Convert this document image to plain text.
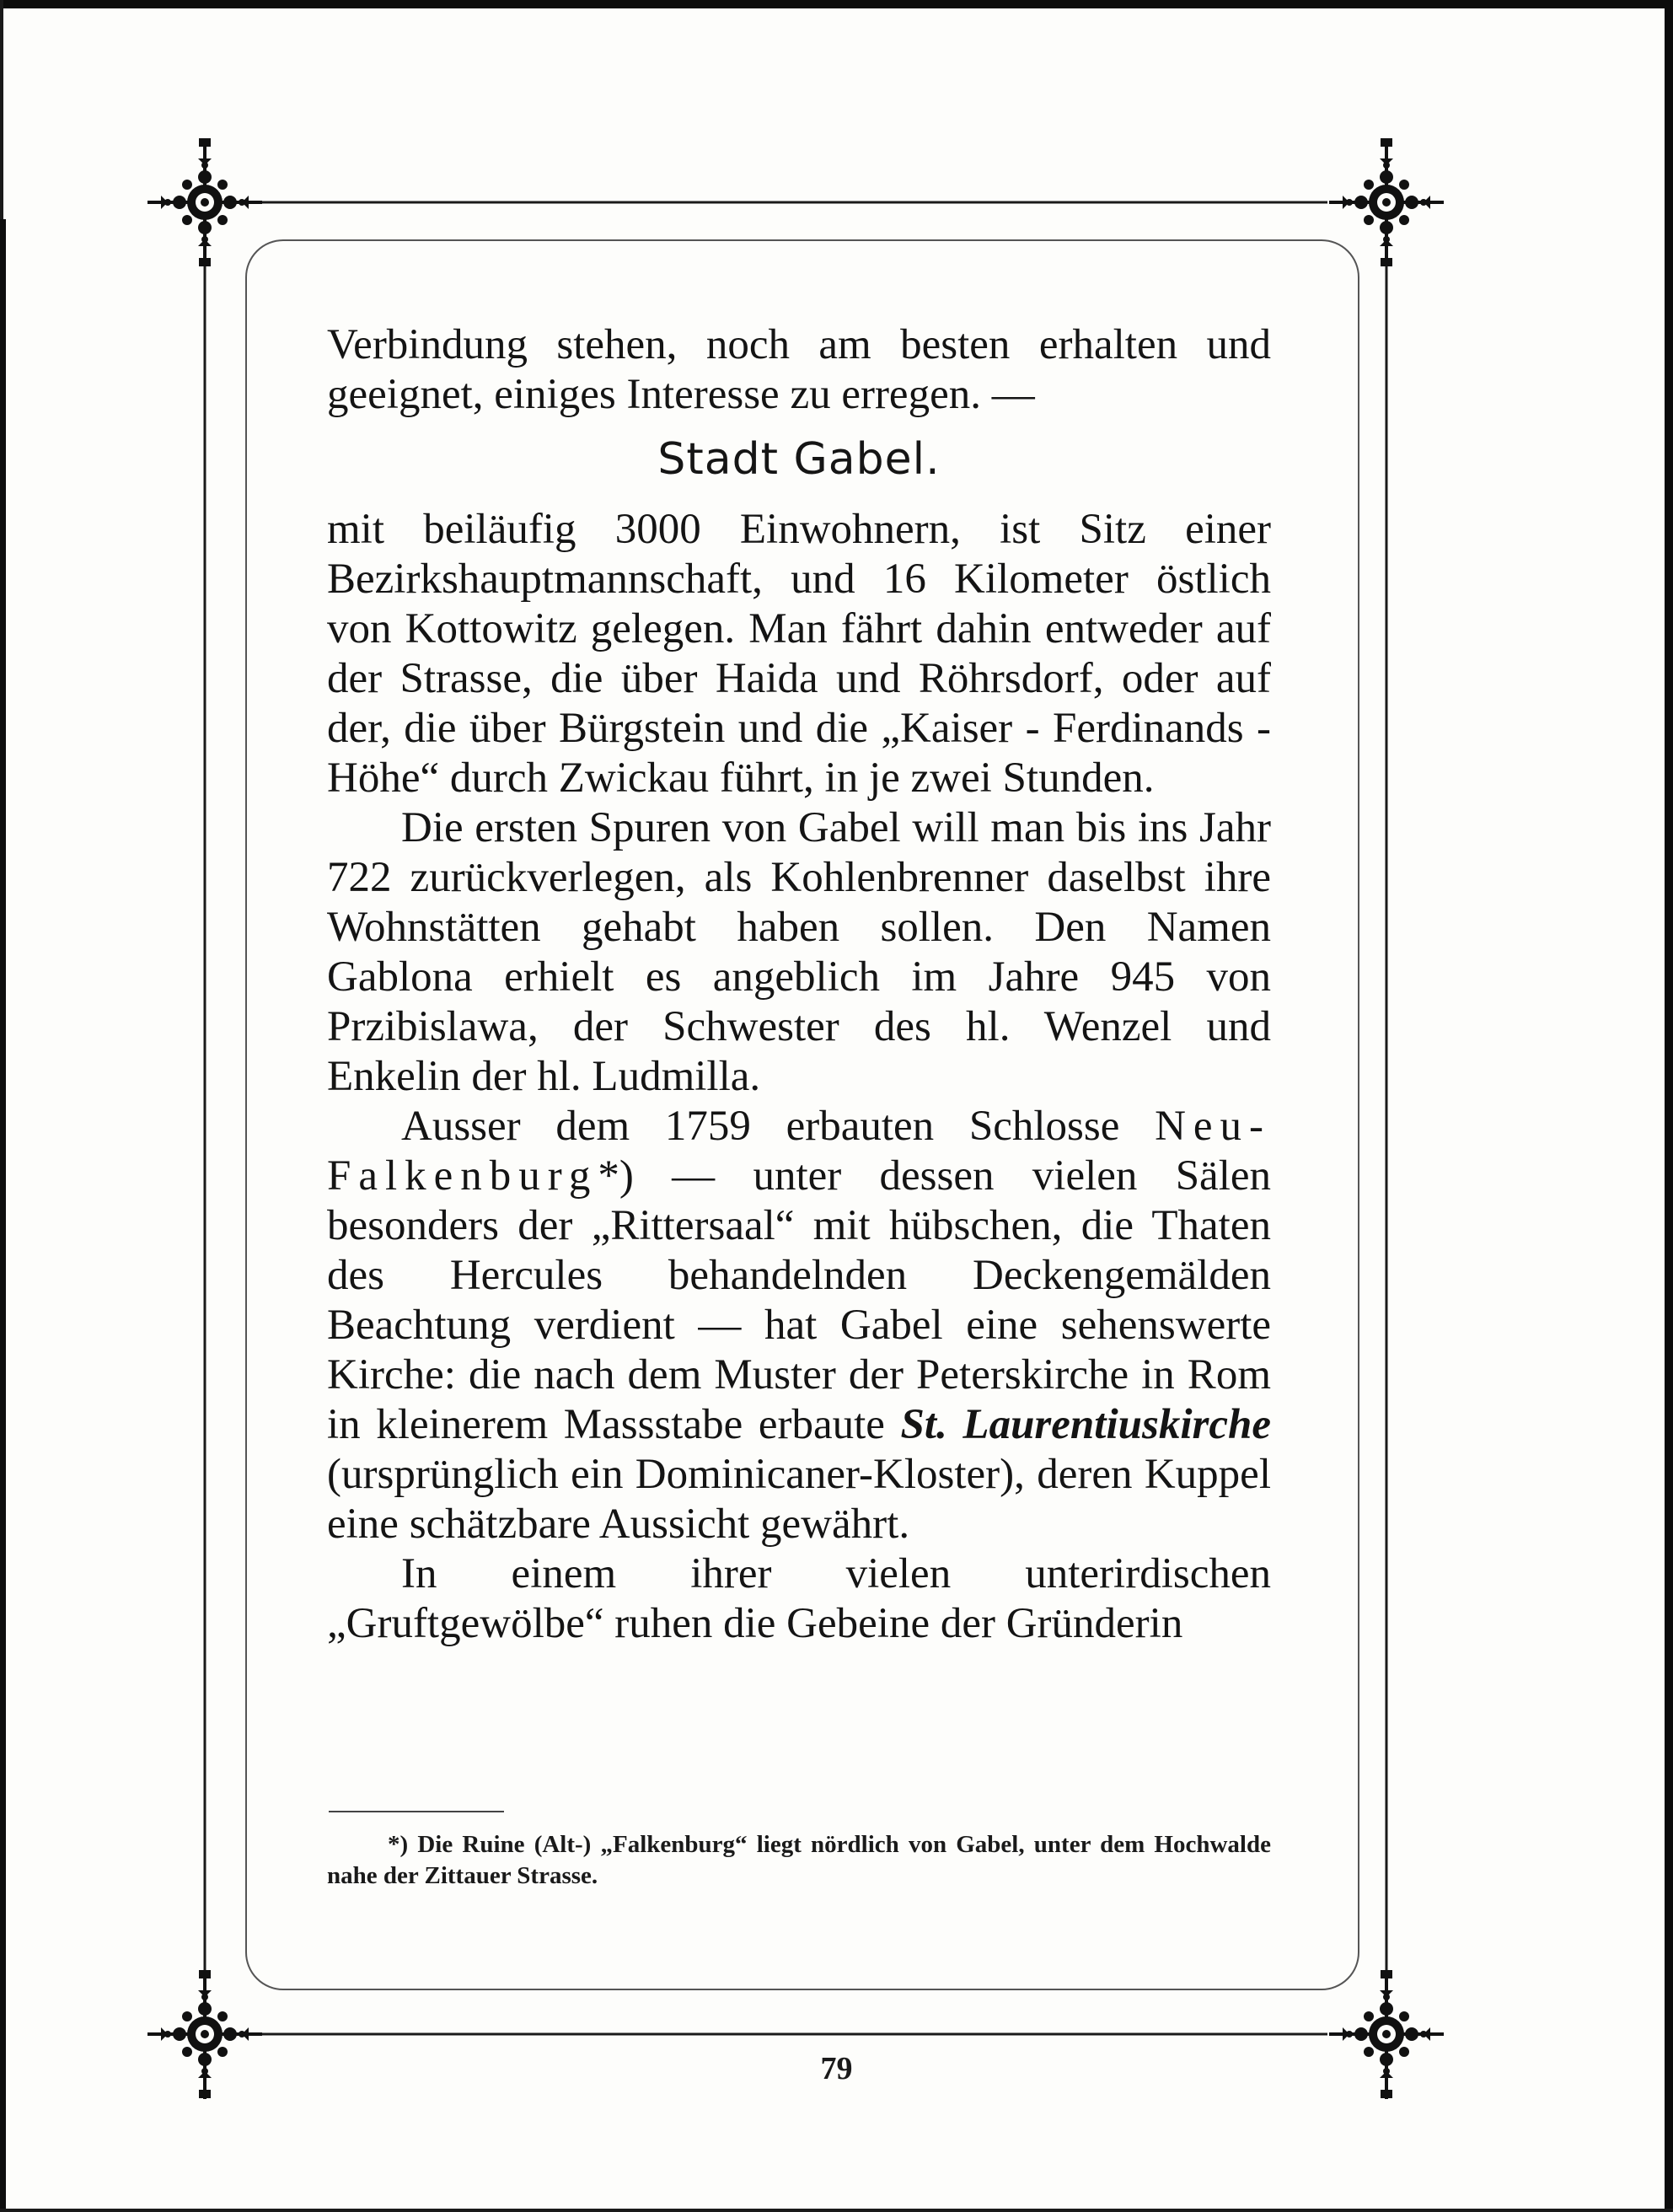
Verbindung stehen, noch am besten erhalten und geeignet, einiges Interesse zu erregen. —

Stadt Gabel.

mit beiläufig 3000 Einwohnern, ist Sitz einer Bezirkshauptmannschaft, und 16 Kilometer östlich von Kottowitz gelegen. Man fährt dahin entweder auf der Strasse, die über Haida und Röhrsdorf, oder auf der, die über Bürgstein und die „Kaiser - Ferdinands - Höhe“ durch Zwickau führt, in je zwei Stunden.

Die ersten Spuren von Gabel will man bis ins Jahr 722 zurückverlegen, als Kohlenbrenner daselbst ihre Wohnstätten gehabt haben sollen. Den Namen Gablona erhielt es angeblich im Jahre 945 von Przibislawa, der Schwester des hl. Wenzel und Enkelin der hl. Ludmilla.

Ausser dem 1759 erbauten Schlosse Neu-Falkenburg*) — unter dessen vielen Sälen besonders der „Rittersaal“ mit hübschen, die Thaten des Hercules behandelnden Deckengemälden Beachtung verdient — hat Gabel eine sehenswerte Kirche: die nach dem Muster der Peterskirche in Rom in kleinerem Massstabe erbaute St. Laurentiuskirche (ursprünglich ein Dominicaner-Kloster), deren Kuppel eine schätzbare Aussicht gewährt.

In einem ihrer vielen unterirdischen „Gruftgewölbe“ ruhen die Gebeine der Gründerin

*) Die Ruine (Alt-) „Falkenburg“ liegt nördlich von Gabel, unter dem Hochwalde nahe der Zittauer Strasse.
79
